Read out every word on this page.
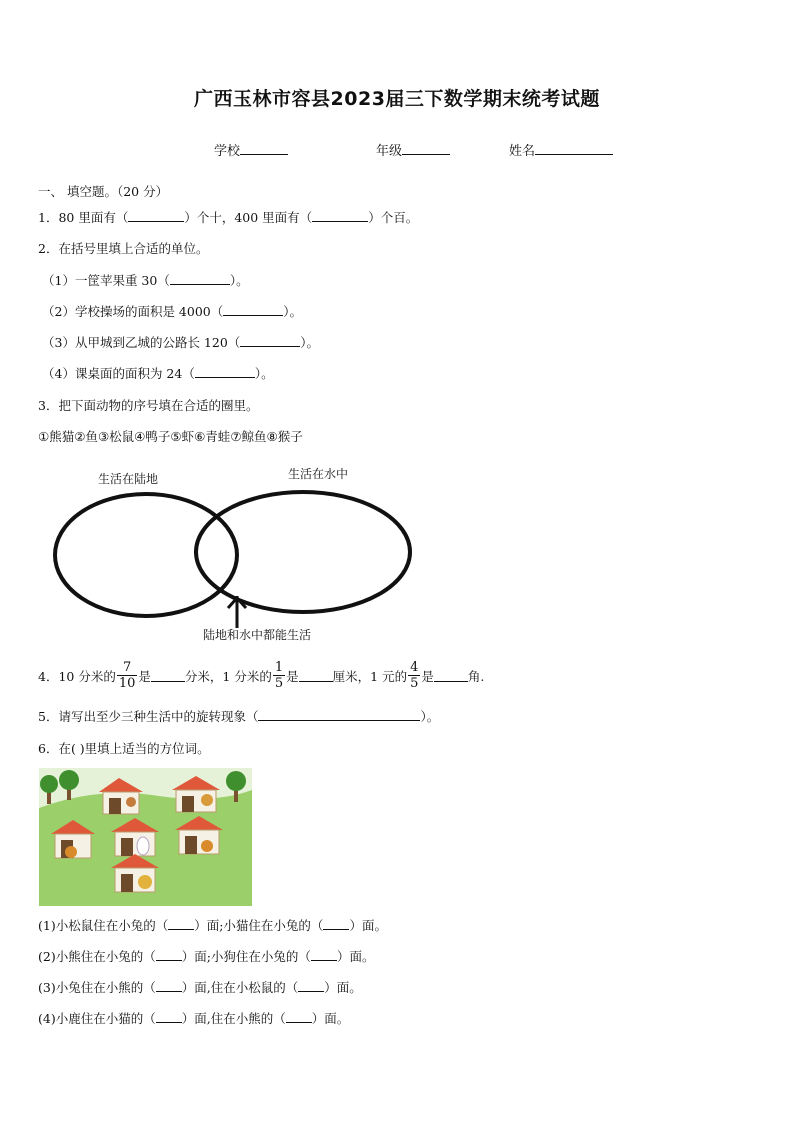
广西玉林市容县2023届三下数学期末统考试题
学校	年级	姓名
一、 填空题。（20 分）
1．80 里面有（	）个十，400 里面有（	）个百。
2．在括号里填上合适的单位。
（1）一筐苹果重 30（	）。
（2）学校操场的面积是 4000（	）。
（3）从甲城到乙城的公路长 120（	）。
（4）课桌面的面积为 24（	）。
3．把下面动物的序号填在合适的圈里。
①熊猫②鱼③松鼠④鸭子⑤虾⑥青蛙⑦鲸鱼⑧猴子
生活在陆地	生活在水中
陆地和水中都能生活
4．10 分米的 $\frac{7}{10}$ 是	分米，1 分米的 $\frac{1}{5}$ 是	厘米，1 元的 $\frac{4}{5}$ 是	角.
5．请写出至少三种生活中的旋转现象（	）。
6．在( )里填上适当的方位词。
(1)小松鼠住在小兔的（ ）面;小猫住在小兔的（ ）面。
(2)小熊住在小兔的（ ）面;小狗住在小兔的（ ）面。
(3)小兔住在小熊的（ ）面,住在小松鼠的（ ）面。
(4)小鹿住在小猫的（ ）面,住在小熊的（ ）面。
